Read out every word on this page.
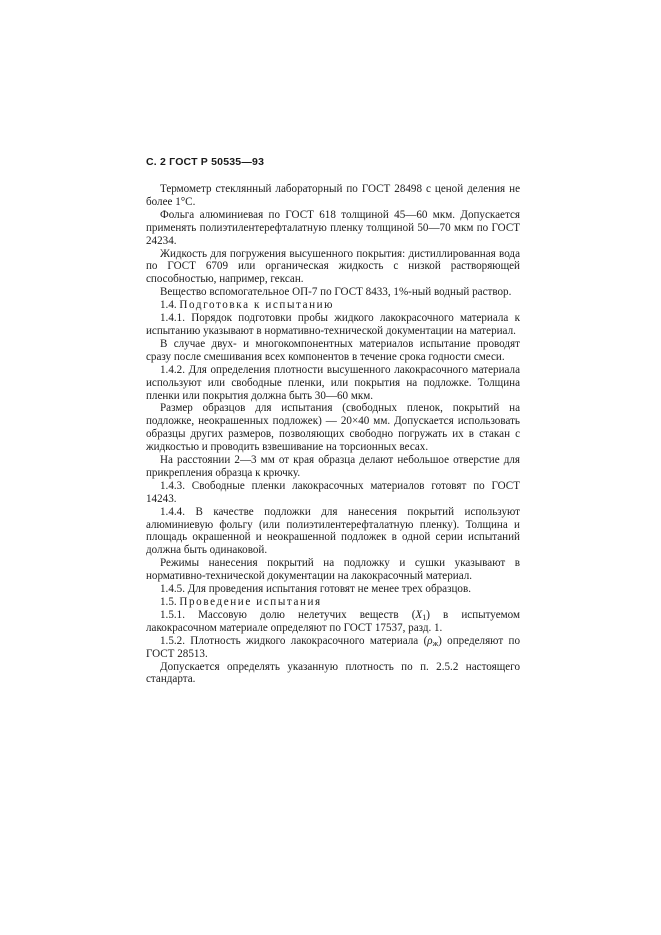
С. 2 ГОСТ Р 50535—93

Термометр стеклянный лабораторный по ГОСТ 28498 с ценой деления не более 1°С.

Фольга алюминиевая по ГОСТ 618 толщиной 45—60 мкм. Допускается применять полиэтилентерефталатную пленку толщиной 50—70 мкм по ГОСТ 24234.

Жидкость для погружения высушенного покрытия: дистиллированная вода по ГОСТ 6709 или органическая жидкость с низкой растворяющей способностью, например, гексан.

Вещество вспомогательное ОП-7 по ГОСТ 8433, 1%-ный водный раствор.

1.4. Подготовка к испытанию

1.4.1. Порядок подготовки пробы жидкого лакокрасочного материала к испытанию указывают в нормативно-технической документации на материал.

В случае двух- и многокомпонентных материалов испытание проводят сразу после смешивания всех компонентов в течение срока годности смеси.

1.4.2. Для определения плотности высушенного лакокрасочного материала используют или свободные пленки, или покрытия на подложке. Толщина пленки или покрытия должна быть 30—60 мкм.

Размер образцов для испытания (свободных пленок, покрытий на подложке, неокрашенных подложек) — 20×40 мм. Допускается использовать образцы других размеров, позволяющих свободно погружать их в стакан с жидкостью и проводить взвешивание на торсионных весах.

На расстоянии 2—3 мм от края образца делают небольшое отверстие для прикрепления образца к крючку.

1.4.3. Свободные пленки лакокрасочных материалов готовят по ГОСТ 14243.

1.4.4. В качестве подложки для нанесения покрытий используют алюминиевую фольгу (или полиэтилентерефталатную пленку). Толщина и площадь окрашенной и неокрашенной подложек в одной серии испытаний должна быть одинаковой.

Режимы нанесения покрытий на подложку и сушки указывают в нормативно-технической документации на лакокрасочный материал.

1.4.5. Для проведения испытания готовят не менее трех образцов.

1.5. Проведение испытания

1.5.1. Массовую долю нелетучих веществ $(X_1)$ в испытуемом лакокрасочном материале определяют по ГОСТ 17537, разд. 1.

1.5.2. Плотность жидкого лакокрасочного материала $(\rho_ж)$ определяют по ГОСТ 28513.

Допускается определять указанную плотность по п. 2.5.2 настоящего стандарта.
